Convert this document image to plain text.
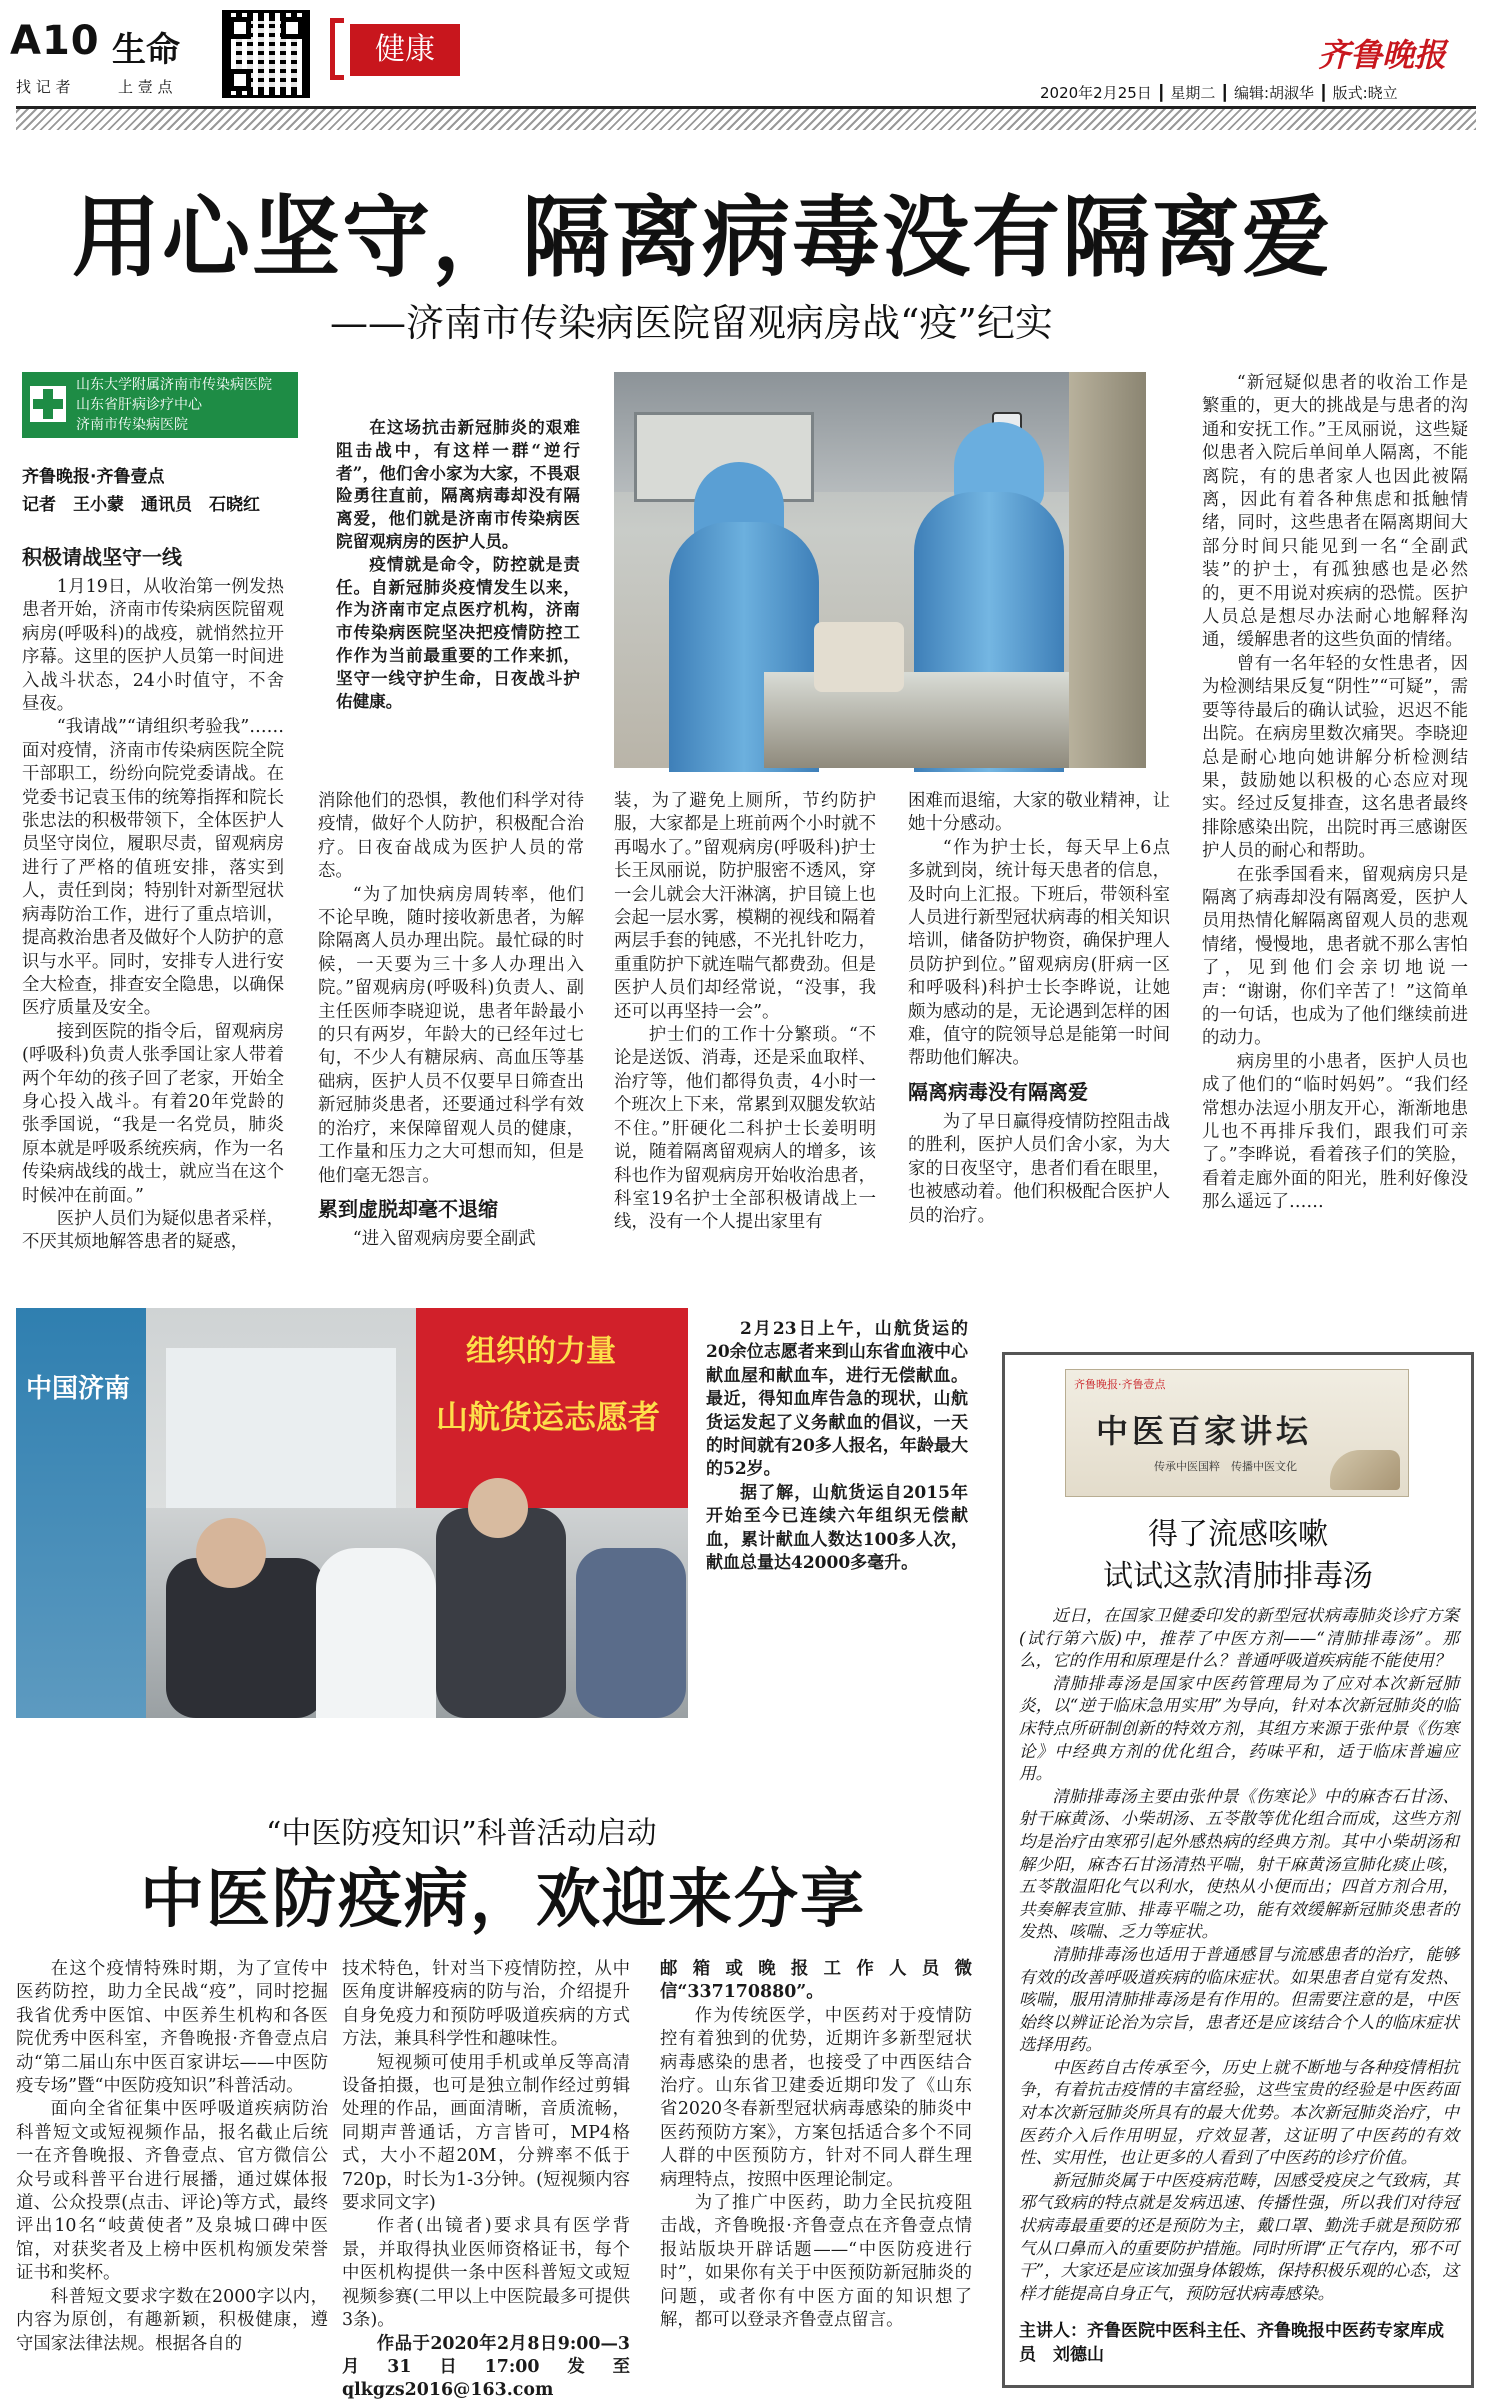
A10 生命
找 记 者	上 壹 点
健康	齐鲁晚报
2020年2月25日 ┃ 星期二 ┃ 编辑:胡淑华 ┃ 版式:晓立
用心坚守，隔离病毒没有隔离爱
——济南市传染病医院留观病房战“疫”纪实
山东大学附属济南市传染病医院
山东省肝病诊疗中心
济南市传染病医院
齐鲁晚报·齐鲁壹点
记者　王小蒙　通讯员　石晓红
积极请战坚守一线

1月19日，从收治第一例发热患者开始，济南市传染病医院留观病房(呼吸科)的战疫，就悄然拉开序幕。这里的医护人员第一时间进入战斗状态，24小时值守，不舍昼夜。

“我请战”“请组织考验我”……面对疫情，济南市传染病医院全院干部职工，纷纷向院党委请战。在党委书记袁玉伟的统筹指挥和院长张忠法的积极带领下，全体医护人员坚守岗位，履职尽责，留观病房进行了严格的值班安排，落实到人，责任到岗；特别针对新型冠状病毒防治工作，进行了重点培训，提高救治患者及做好个人防护的意识与水平。同时，安排专人进行安全大检查，排查安全隐患，以确保医疗质量及安全。

接到医院的指令后，留观病房(呼吸科)负责人张季国让家人带着两个年幼的孩子回了老家，开始全身心投入战斗。有着20年党龄的张季国说，“我是一名党员，肺炎原本就是呼吸系统疾病，作为一名传染病战线的战士，就应当在这个时候冲在前面。”

医护人员们为疑似患者采样，不厌其烦地解答患者的疑惑，

在这场抗击新冠肺炎的艰难阻击战中，有这样一群“逆行者”，他们舍小家为大家，不畏艰险勇往直前，隔离病毒却没有隔离爱，他们就是济南市传染病医院留观病房的医护人员。

疫情就是命令，防控就是责任。自新冠肺炎疫情发生以来，作为济南市定点医疗机构，济南市传染病医院坚决把疫情防控工作作为当前最重要的工作来抓，坚守一线守护生命，日夜战斗护佑健康。

消除他们的恐惧，教他们科学对待疫情，做好个人防护，积极配合治疗。日夜奋战成为医护人员的常态。

“为了加快病房周转率，他们不论早晚，随时接收新患者，为解除隔离人员办理出院。最忙碌的时候，一天要为三十多人办理出入院。”留观病房(呼吸科)负责人、副主任医师李晓迎说，患者年龄最小的只有两岁，年龄大的已经年过七旬，不少人有糖尿病、高血压等基础病，医护人员不仅要早日筛查出新冠肺炎患者，还要通过科学有效的治疗，来保障留观人员的健康，工作量和压力之大可想而知，但是他们毫无怨言。

累到虚脱却毫不退缩

“进入留观病房要全副武

装，为了避免上厕所，节约防护服，大家都是上班前两个小时就不再喝水了。”留观病房(呼吸科)护士长王凤丽说，防护服密不透风，穿一会儿就会大汗淋漓，护目镜上也会起一层水雾，模糊的视线和隔着两层手套的钝感，不光扎针吃力，重重防护下就连喘气都费劲。但是医护人员们却经常说，“没事，我还可以再坚持一会”。

护士们的工作十分繁琐。“不论是送饭、消毒，还是采血取样、治疗等，他们都得负责，4小时一个班次上下来，常累到双腿发软站不住。”肝硬化二科护士长姜明明说，随着隔离留观病人的增多，该科也作为留观病房开始收治患者，科室19名护士全部积极请战上一线，没有一个人提出家里有

困难而退缩，大家的敬业精神，让她十分感动。

“作为护士长，每天早上6点多就到岗，统计每天患者的信息，及时向上汇报。下班后，带领科室人员进行新型冠状病毒的相关知识培训，储备防护物资，确保护理人员防护到位。”留观病房(肝病一区和呼吸科)科护士长李晔说，让她颇为感动的是，无论遇到怎样的困难，值守的院领导总是能第一时间帮助他们解决。

隔离病毒没有隔离爱

为了早日赢得疫情防控阻击战的胜利，医护人员们舍小家，为大家的日夜坚守，患者们看在眼里，也被感动着。他们积极配合医护人员的治疗。

“新冠疑似患者的收治工作是繁重的，更大的挑战是与患者的沟通和安抚工作。”王凤丽说，这些疑似患者入院后单间单人隔离，不能离院，有的患者家人也因此被隔离，因此有着各种焦虑和抵触情绪，同时，这些患者在隔离期间大部分时间只能见到一名“全副武装”的护士，有孤独感也是必然的，更不用说对疾病的恐慌。医护人员总是想尽办法耐心地解释沟通，缓解患者的这些负面的情绪。

曾有一名年轻的女性患者，因为检测结果反复“阴性”“可疑”，需要等待最后的确认试验，迟迟不能出院。在病房里数次痛哭。李晓迎总是耐心地向她讲解分析检测结果，鼓励她以积极的心态应对现实。经过反复排查，这名患者最终排除感染出院，出院时再三感谢医护人员的耐心和帮助。

在张季国看来，留观病房只是隔离了病毒却没有隔离爱，医护人员用热情化解隔离留观人员的悲观情绪，慢慢地，患者就不那么害怕了，见到他们会亲切地说一声：“谢谢，你们辛苦了！”这简单的一句话，也成为了他们继续前进的动力。

病房里的小患者，医护人员也成了他们的“临时妈妈”。“我们经常想办法逗小朋友开心，渐渐地患儿也不再排斥我们，跟我们可亲了。”李晔说，看着孩子们的笑脸，看着走廊外面的阳光，胜利好像没那么遥远了……

中国济南
组织的力量
山航货运志愿者

2月23日上午，山航货运的20余位志愿者来到山东省血液中心献血屋和献血车，进行无偿献血。最近，得知血库告急的现状，山航货运发起了义务献血的倡议，一天的时间就有20多人报名，年龄最大的52岁。

据了解，山航货运自2015年开始至今已连续六年组织无偿献血，累计献血人数达100多人次，献血总量达42000多毫升。

“中医防疫知识”科普活动启动
中医防疫病，欢迎来分享

在这个疫情特殊时期，为了宣传中医药防控，助力全民战“疫”，同时挖掘我省优秀中医馆、中医养生机构和各医院优秀中医科室，齐鲁晚报·齐鲁壹点启动“第二届山东中医百家讲坛——中医防疫专场”暨“中医防疫知识”科普活动。

面向全省征集中医呼吸道疾病防治科普短文或短视频作品，报名截止后统一在齐鲁晚报、齐鲁壹点、官方微信公众号或科普平台进行展播，通过媒体报道、公众投票(点击、评论)等方式，最终评出10名“岐黄使者”及泉城口碑中医馆，对获奖者及上榜中医机构颁发荣誉证书和奖杯。

科普短文要求字数在2000字以内，内容为原创，有趣新颖，积极健康，遵守国家法律法规。根据各自的

技术特色，针对当下疫情防控，从中医角度讲解疫病的防与治，介绍提升自身免疫力和预防呼吸道疾病的方式方法，兼具科学性和趣味性。

短视频可使用手机或单反等高清设备拍摄，也可是独立制作经过剪辑处理的作品，画面清晰，音质流畅，同期声普通话，方言皆可，MP4格式，大小不超20M，分辨率不低于720p，时长为1-3分钟。(短视频内容要求同文字)

作者(出镜者)要求具有医学背景，并取得执业医师资格证书，每个中医机构提供一条中医科普短文或短视频参赛(二甲以上中医院最多可提供3条)。

作品于2020年2月8日9:00—3月31日17:00发至qlkgzs2016@163.com

邮箱或晚报工作人员微信“337170880”。

作为传统医学，中医药对于疫情防控有着独到的优势，近期许多新型冠状病毒感染的患者，也接受了中西医结合治疗。山东省卫建委近期印发了《山东省2020冬春新型冠状病毒感染的肺炎中医药预防方案》，方案包括适合多个不同人群的中医预防方，针对不同人群生理病理特点，按照中医理论制定。

为了推广中医药，助力全民抗疫阻击战，齐鲁晚报·齐鲁壹点在齐鲁壹点情报站版块开辟话题——“中医防疫进行时”，如果你有关于中医预防新冠肺炎的问题，或者你有中医方面的知识想了解，都可以登录齐鲁壹点留言。

齐鲁晚报·齐鲁壹点
中医百家讲坛
传承中医国粹　传播中医文化
得了流感咳嗽
试试这款清肺排毒汤

近日，在国家卫健委印发的新型冠状病毒肺炎诊疗方案(试行第六版)中，推荐了中医方剂——“清肺排毒汤”。那么，它的作用和原理是什么？普通呼吸道疾病能不能使用？

清肺排毒汤是国家中医药管理局为了应对本次新冠肺炎，以“逆于临床急用实用”为导向，针对本次新冠肺炎的临床特点所研制创新的特效方剂，其组方来源于张仲景《伤寒论》中经典方剂的优化组合，药味平和，适于临床普遍应用。

清肺排毒汤主要由张仲景《伤寒论》中的麻杏石甘汤、射干麻黄汤、小柴胡汤、五苓散等优化组合而成，这些方剂均是治疗由寒邪引起外感热病的经典方剂。其中小柴胡汤和解少阳，麻杏石甘汤清热平喘，射干麻黄汤宣肺化痰止咳，五苓散温阳化气以利水，使热从小便而出；四首方剂合用，共奏解表宣肺、排毒平喘之功，能有效缓解新冠肺炎患者的发热、咳喘、乏力等症状。

清肺排毒汤也适用于普通感冒与流感患者的治疗，能够有效的改善呼吸道疾病的临床症状。如果患者自觉有发热、咳喘，服用清肺排毒汤是有作用的。但需要注意的是，中医始终以辨证论治为宗旨，患者还是应该结合个人的临床症状选择用药。

中医药自古传承至今，历史上就不断地与各种疫情相抗争，有着抗击疫情的丰富经验，这些宝贵的经验是中医药面对本次新冠肺炎所具有的最大优势。本次新冠肺炎治疗，中医药介入后作用明显，疗效显著，这证明了中医药的有效性、实用性，也让更多的人看到了中医药的诊疗价值。

新冠肺炎属于中医疫病范畴，因感受疫戾之气致病，其邪气致病的特点就是发病迅速、传播性强，所以我们对待冠状病毒最重要的还是预防为主，戴口罩、勤洗手就是预防邪气从口鼻而入的重要防护措施。同时所谓“正气存内，邪不可干”，大家还是应该加强身体锻炼，保持积极乐观的心态，这样才能提高自身正气，预防冠状病毒感染。

主讲人：齐鲁医院中医科主任、齐鲁晚报中医药专家库成员　刘德山
